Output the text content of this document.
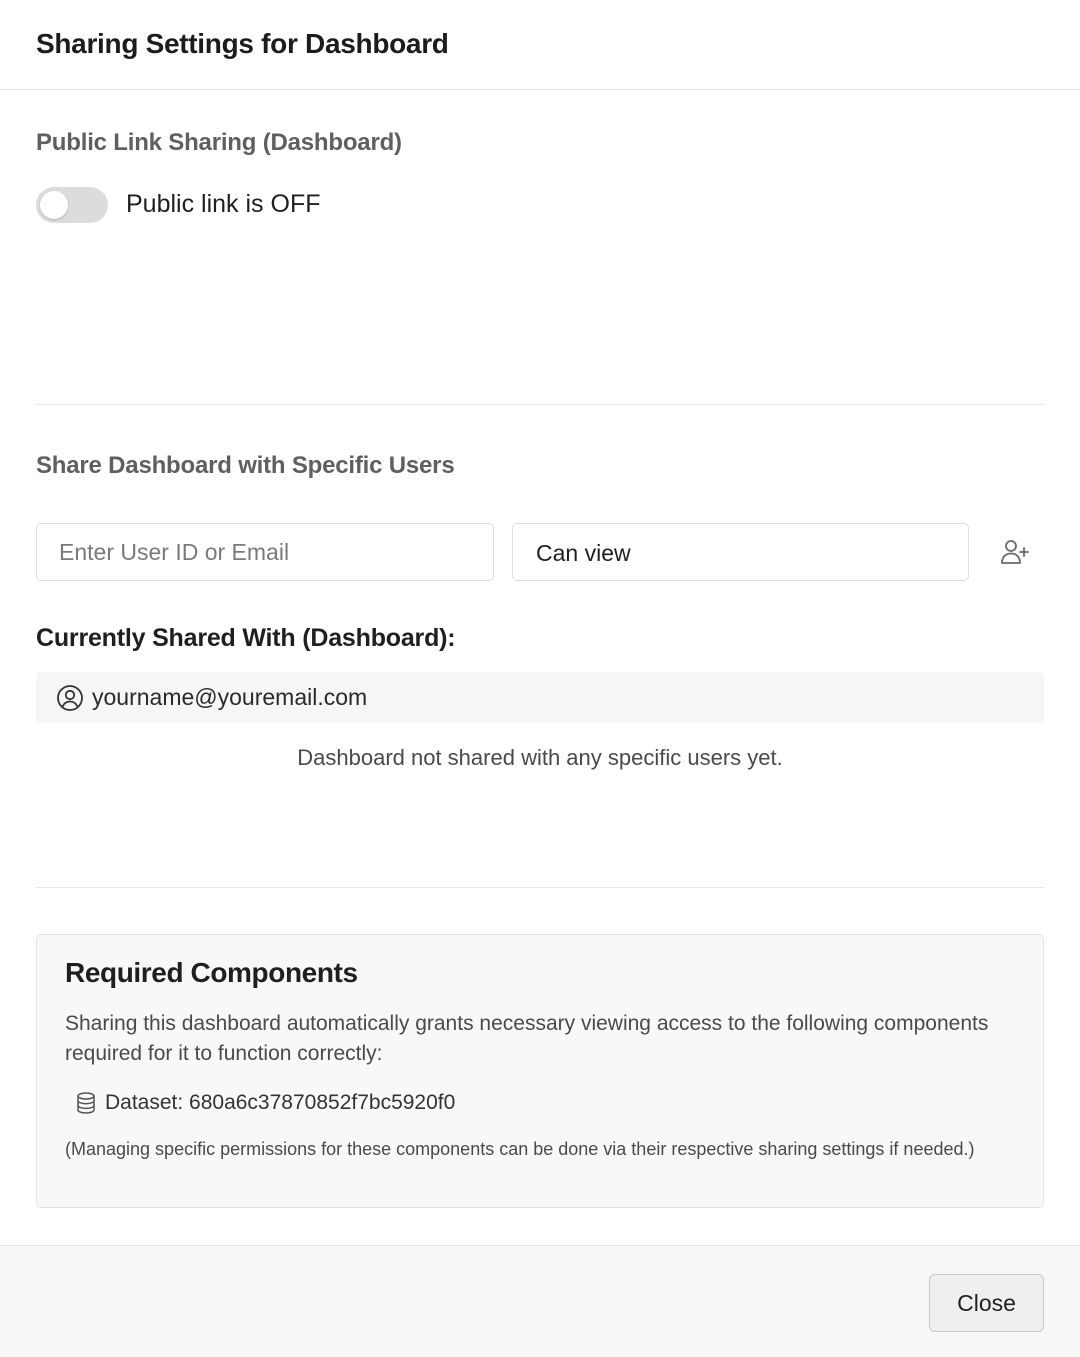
Sharing Settings for Dashboard
Public Link Sharing (Dashboard)
Public link is OFF
Share Dashboard with Specific Users
Enter User ID or Email
Can view
Currently Shared With (Dashboard):
yourname@youremail.com
Dashboard not shared with any specific users yet.
Required Components
Sharing this dashboard automatically grants necessary viewing access to the following components required for it to function correctly:
Dataset: 680a6c37870852f7bc5920f0
(Managing specific permissions for these components can be done via their respective sharing settings if needed.)
Close
